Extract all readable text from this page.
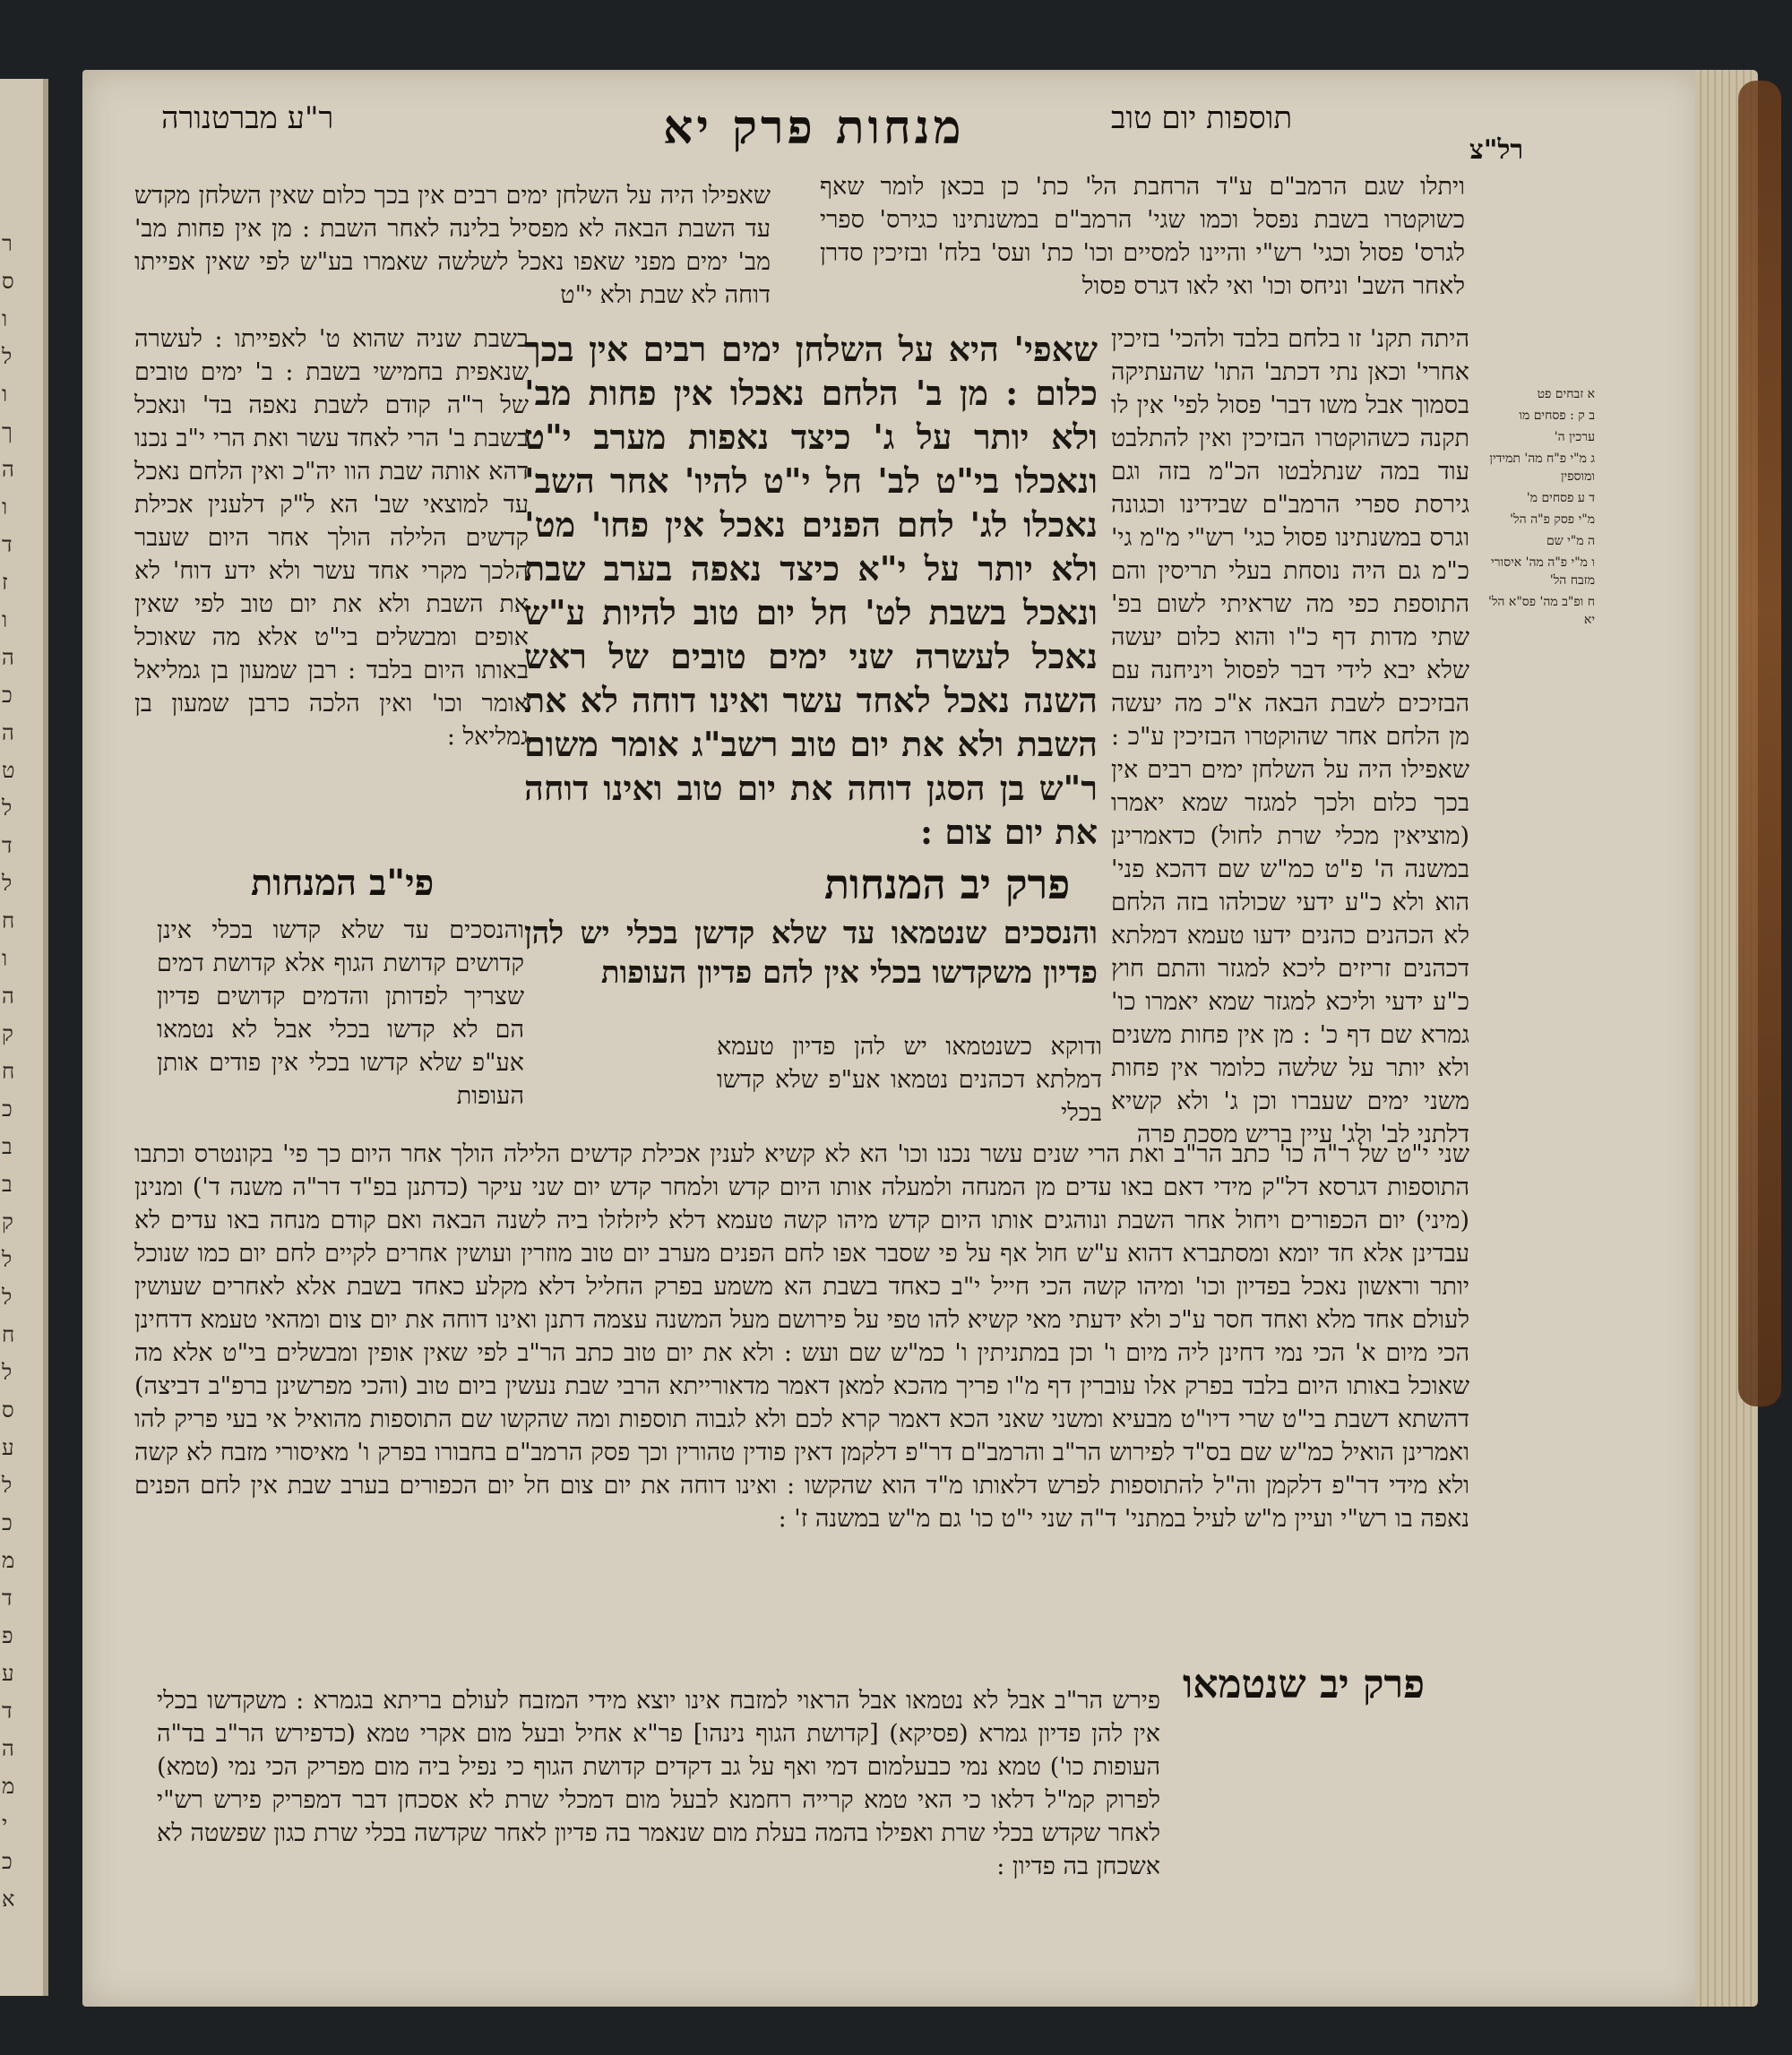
ר
ס
ו
ל
ו
ך
ה
ו
ד
ז
ו
ה
כ
ה
ט
ל
ד
ל
ח
ו
ה
ק
ח
כ
ב
ב
ק
ל
ל
ח
ל
ס
ע
ל
כ
מ
ד
פ
ע
ד
ה
מ
י
כ
א
ר"ע מברטנורה	מנחות פרק יא	תוספות יום טוב
רל"צ
שאפילו היה על השלחן ימים רבים אין בכך כלום שאין השלחן מקדש עד השבת הבאה לא מפסיל בלינה לאחר השבת : מן אין פחות מב' מב' ימים מפני שאפו נאכל לשלשה שאמרו בע"ש לפי שאין אפייתו דוחה לא שבת ולא י"ט
ויתלו שגם הרמב"ם ע"ד הרחבת הל' כת' כן בכאן לומר שאף כשוקטרו בשבת נפסל וכמו שגי' הרמב"ם במשנתינו כגירס' ספרי לגרס' פסול וכגי' רש"י והיינו למסיים וכו' כת' ועס' בלח' ובזיכין סדרן לאחר השב' וניחס וכו' ואי לאו דגרס פסול
בשבת שניה שהוא ט' לאפייתו : לעשרה שנאפית בחמישי בשבת : ב' ימים טובים של ר"ה קודם לשבת נאפה בד' ונאכל בשבת ב' הרי לאחד עשר ואת הרי י"ב נכנו דהא אותה שבת הוו יה"כ ואין הלחם נאכל עד למוצאי שב' הא ל"ק דלענין אכילת קדשים הלילה הולך אחר היום שעבר הלכך מקרי אחד עשר ולא ידע דוח' לא את השבת ולא את יום טוב לפי שאין אופים ומבשלים בי"ט אלא מה שאוכל באותו היום בלבד : רבן שמעון בן גמליאל אומר וכו' ואין הלכה כרבן שמעון בן גמליאל :
שאפי' היא על השלחן ימים רבים אין בכך כלום : מן ב' הלחם נאכלו אין פחות מב' ולא יותר על ג' כיצד נאפות מערב י"ט ונאכלו בי"ט לב' חל י"ט להיו' אחר השב' נאכלו לג' לחם הפנים נאכל אין פחו' מט' ולא יותר על י"א כיצד נאפה בערב שבת ונאכל בשבת לט' חל יום טוב להיות ע"ש נאכל לעשרה שני ימים טובים של ראש השנה נאכל לאחד עשר ואינו דוחה לא את השבת ולא את יום טוב רשב"ג אומר משום ר"ש בן הסגן דוחה את יום טוב ואינו דוחה את יום צום :
היתה תקנ' זו בלחם בלבד ולהכי' בזיכין אחרי' וכאן נתי דכתב' התו' שהעתיקה בסמוך אבל משו דבר' פסול לפי' אין לו תקנה כשהוקטרו הבזיכין ואין להתלבט עוד במה שנתלבטו הכ"מ בזה וגם גירסת ספרי הרמב"ם שבידינו וכגונה וגרס במשנתינו פסול כגי' רש"י מ"מ גי' כ"מ גם היה נוסחת בעלי תריסין והם התוספת כפי מה שראיתי לשום בפ' שתי מדות דף כ"ו והוא כלום יעשה שלא יבא לידי דבר לפסול ויניחנה עם הבזיכים לשבת הבאה א"כ מה יעשה מן הלחם אחר שהוקטרו הבזיכין ע"כ : שאפילו היה על השלחן ימים רבים אין בכך כלום ולכך למגזר שמא יאמרו (מוציאין מכלי שרת לחול) כדאמרינן במשנה ה' פ"ט כמ"ש שם דהכא פני' הוא ולא כ"ע ידעי שכולהו בזה הלחם לא הכהנים כהנים ידעו טעמא דמלתא דכהנים זריזים ליכא למגזר והתם חוץ כ"ע ידעי וליכא למגזר שמא יאמרו כו' גמרא שם דף כ' : מן אין פחות משנים ולא יותר על שלשה כלומר אין פחות משני ימים שעברו וכן ג' ולא קשיא דלתני לב' ולג' עיין בריש מסכת פרה
א זבחים פט
ב ק : פסחים מו
ערכין ה'
ג מ"י פ"ח מה' תמידין ומוספין
ד ע פסחים מ'
מ"י פסק פ"ה הל'
ה מ"י שם
ו מ"י פ"ה מה' איסורי מזבח הל'
ח ופ"ב מה' פס"א הל' יא
פרק יב המנחות
והנסכים שנטמאו עד שלא קדשן בכלי יש להן פדיון משקדשו בכלי אין להם פדיון העופות
פי"ב המנחות
והנסכים עד שלא קדשו בכלי אינן קדושים קדושת הגוף אלא קדושת דמים שצריך לפדותן והדמים קדושים פדיון הם לא קדשו בכלי אבל לא נטמאו אע"פ שלא קדשו בכלי אין פודים אותן העופות
ודוקא כשנטמאו יש להן פדיון טעמא דמלתא דכהנים נטמאו אע"פ שלא קדשו בכלי
שני י"ט של ר"ה כו' כתב הר"ב ואת הרי שנים עשר נכנו וכו' הא לא קשיא לענין אכילת קדשים הלילה הולך אחר היום כך פי' בקונטרס וכתבו התוספות דגרסא דל"ק מידי דאם באו עדים מן המנחה ולמעלה אותו היום קדש ולמחר קדש יום שני עיקר (כדתנן בפ"ד דר"ה משנה ד') ומנינן (מיני) יום הכפורים ויחול אחר השבת ונוהגים אותו היום קדש מיהו קשה טעמא דלא ליזלזלו ביה לשנה הבאה ואם קודם מנחה באו עדים לא עבדינן אלא חד יומא ומסתברא דהוא ע"ש חול אף על פי שסבר אפו לחם הפנים מערב יום טוב מוזרין ועושין אחרים לקיים לחם יום כמו שנוכל יותר וראשון נאכל בפדיון וכו' ומיהו קשה הכי חייל י"ב כאחד בשבת הא משמע בפרק החליל דלא מקלע כאחד בשבת אלא לאחרים שעושין לעולם אחד מלא ואחד חסר ע"כ ולא ידעתי מאי קשיא להו טפי על פירושם מעל המשנה עצמה דתנן ואינו דוחה את יום צום ומהאי טעמא דדחינן הכי מיום א' הכי נמי דחינן ליה מיום ו' וכן במתניתין ו' כמ"ש שם ועש : ולא את יום טוב כתב הר"ב לפי שאין אופין ומבשלים בי"ט אלא מה שאוכל באותו היום בלבד בפרק אלו עוברין דף מ"ו פריך מהכא למאן דאמר מדאורייתא הרבי שבת נעשין ביום טוב (והכי מפרשינן ברפ"ב דביצה) דהשתא דשבת בי"ט שרי דיו"ט מבעיא ומשני שאני הכא דאמר קרא לכם ולא לגבוה תוספות ומה שהקשו שם התוספות מהואיל אי בעי פריק להו ואמרינן הואיל כמ"ש שם בס"ד לפירוש הר"ב והרמב"ם דר"פ דלקמן דאין פודין טהורין וכך פסק הרמב"ם בחבורו בפרק ו' מאיסורי מזבח לא קשה ולא מידי דר"פ דלקמן וה"ל להתוספות לפרש דלאותו מ"ד הוא שהקשו : ואינו דוחה את יום צום חל יום הכפורים בערב שבת אין לחם הפנים נאפה בו רש"י ועיין מ"ש לעיל במתני' ד"ה שני י"ט כו' גם מ"ש במשנה ז' :
פרק יב שנטמאו
פירש הר"ב אבל לא נטמאו אבל הראוי למזבח אינו יוצא מידי המזבח לעולם בריתא בגמרא : משקדשו בכלי אין להן פדיון גמרא (פסיקא) [קדושת הגוף נינהו] פר"א אחיל ובעל מום אקרי טמא (כדפירש הר"ב בד"ה העופות כו') טמא נמי כבעלמום דמי ואף על גב דקדים קדושת הגוף כי נפיל ביה מום מפריק הכי נמי (טמא) לפרוק קמ"ל דלאו כי האי טמא קרייה רחמנא לבעל מום דמכלי שרת לא אסכחן דבר דמפריק פירש רש"י לאחר שקדש בכלי שרת ואפילו בהמה בעלת מום שנאמר בה פדיון לאחר שקדשה בכלי שרת כגון שפשטה לא אשכחן בה פדיון :
